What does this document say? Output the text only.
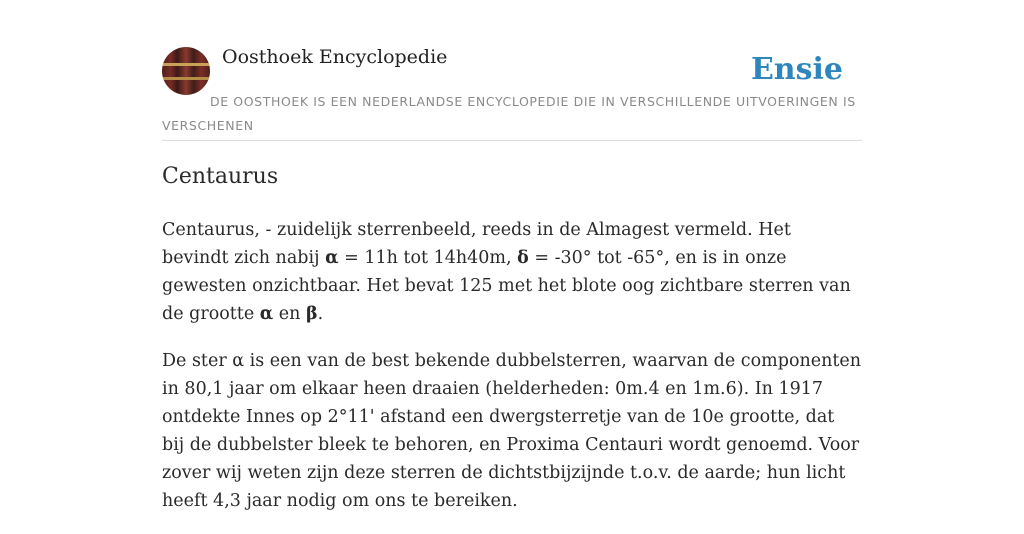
Oosthoek Encyclopedie	Ensie
DE OOSTHOEK IS EEN NEDERLANDSE ENCYCLOPEDIE DIE IN VERSCHILLENDE UITVOERINGEN IS VERSCHENEN
Centaurus

Centaurus, - zuidelijk sterrenbeeld, reeds in de Almagest vermeld. Het bevindt zich nabij α = 11h tot 14h40m, δ = -30° tot -65°, en is in onze gewesten onzichtbaar. Het bevat 125 met het blote oog zichtbare sterren van de grootte α en β.

De ster α is een van de best bekende dubbelsterren, waarvan de componenten in 80,1 jaar om elkaar heen draaien (helderheden: 0m.4 en 1m.6). In 1917 ontdekte Innes op 2°11' afstand een dwergsterretje van de 10e grootte, dat bij de dubbelster bleek te behoren, en Proxima Centauri wordt genoemd. Voor zover wij weten zijn deze sterren de dichtstbijzijnde t.o.v. de aarde; hun licht heeft 4,3 jaar nodig om ons te bereiken.
